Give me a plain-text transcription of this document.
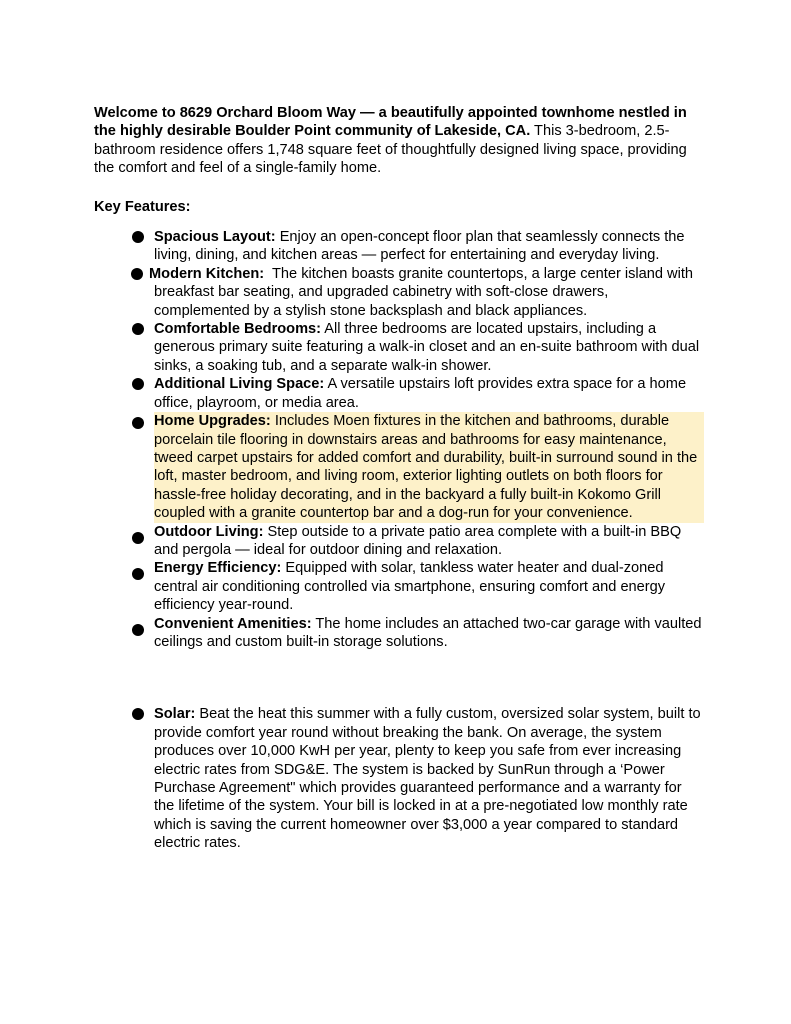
Welcome to 8629 Orchard Bloom Way — a beautifully appointed townhome nestled in the highly desirable Boulder Point community of Lakeside, CA. This 3-bedroom, 2.5-bathroom residence offers 1,748 square feet of thoughtfully designed living space, providing the comfort and feel of a single-family home.

Key Features:

Spacious Layout: Enjoy an open-concept floor plan that seamlessly connects the living, dining, and kitchen areas — perfect for entertaining and everyday living.
Modern Kitchen:  The kitchen boasts granite countertops, a large center island with breakfast bar seating, and upgraded cabinetry with soft-close drawers, complemented by a stylish stone backsplash and black appliances.
Comfortable Bedrooms: All three bedrooms are located upstairs, including a generous primary suite featuring a walk-in closet and an en-suite bathroom with dual sinks, a soaking tub, and a separate walk-in shower.
Additional Living Space: A versatile upstairs loft provides extra space for a home office, playroom, or media area.
Home Upgrades: Includes Moen fixtures in the kitchen and bathrooms, durable porcelain tile flooring in downstairs areas and bathrooms for easy maintenance, tweed carpet upstairs for added comfort and durability, built-in surround sound in the loft, master bedroom, and living room, exterior lighting outlets on both floors for hassle-free holiday decorating, and in the backyard a fully built-in Kokomo Grill coupled with a granite countertop bar and a dog-run for your convenience.
Outdoor Living: Step outside to a private patio area complete with a built-in BBQ and pergola — ideal for outdoor dining and relaxation.
Energy Efficiency: Equipped with solar, tankless water heater and dual-zoned central air conditioning controlled via smartphone, ensuring comfort and energy efficiency year-round.
Convenient Amenities: The home includes an attached two-car garage with vaulted ceilings and custom built-in storage solutions.
Solar: Beat the heat this summer with a fully custom, oversized solar system, built to provide comfort year round without breaking the bank. On average, the system produces over 10,000 KwH per year, plenty to keep you safe from ever increasing electric rates from SDG&E. The system is backed by SunRun through a ‘Power Purchase Agreement" which provides guaranteed performance and a warranty for the lifetime of the system. Your bill is locked in at a pre-negotiated low monthly rate which is saving the current homeowner over $3,000 a year compared to standard electric rates.
